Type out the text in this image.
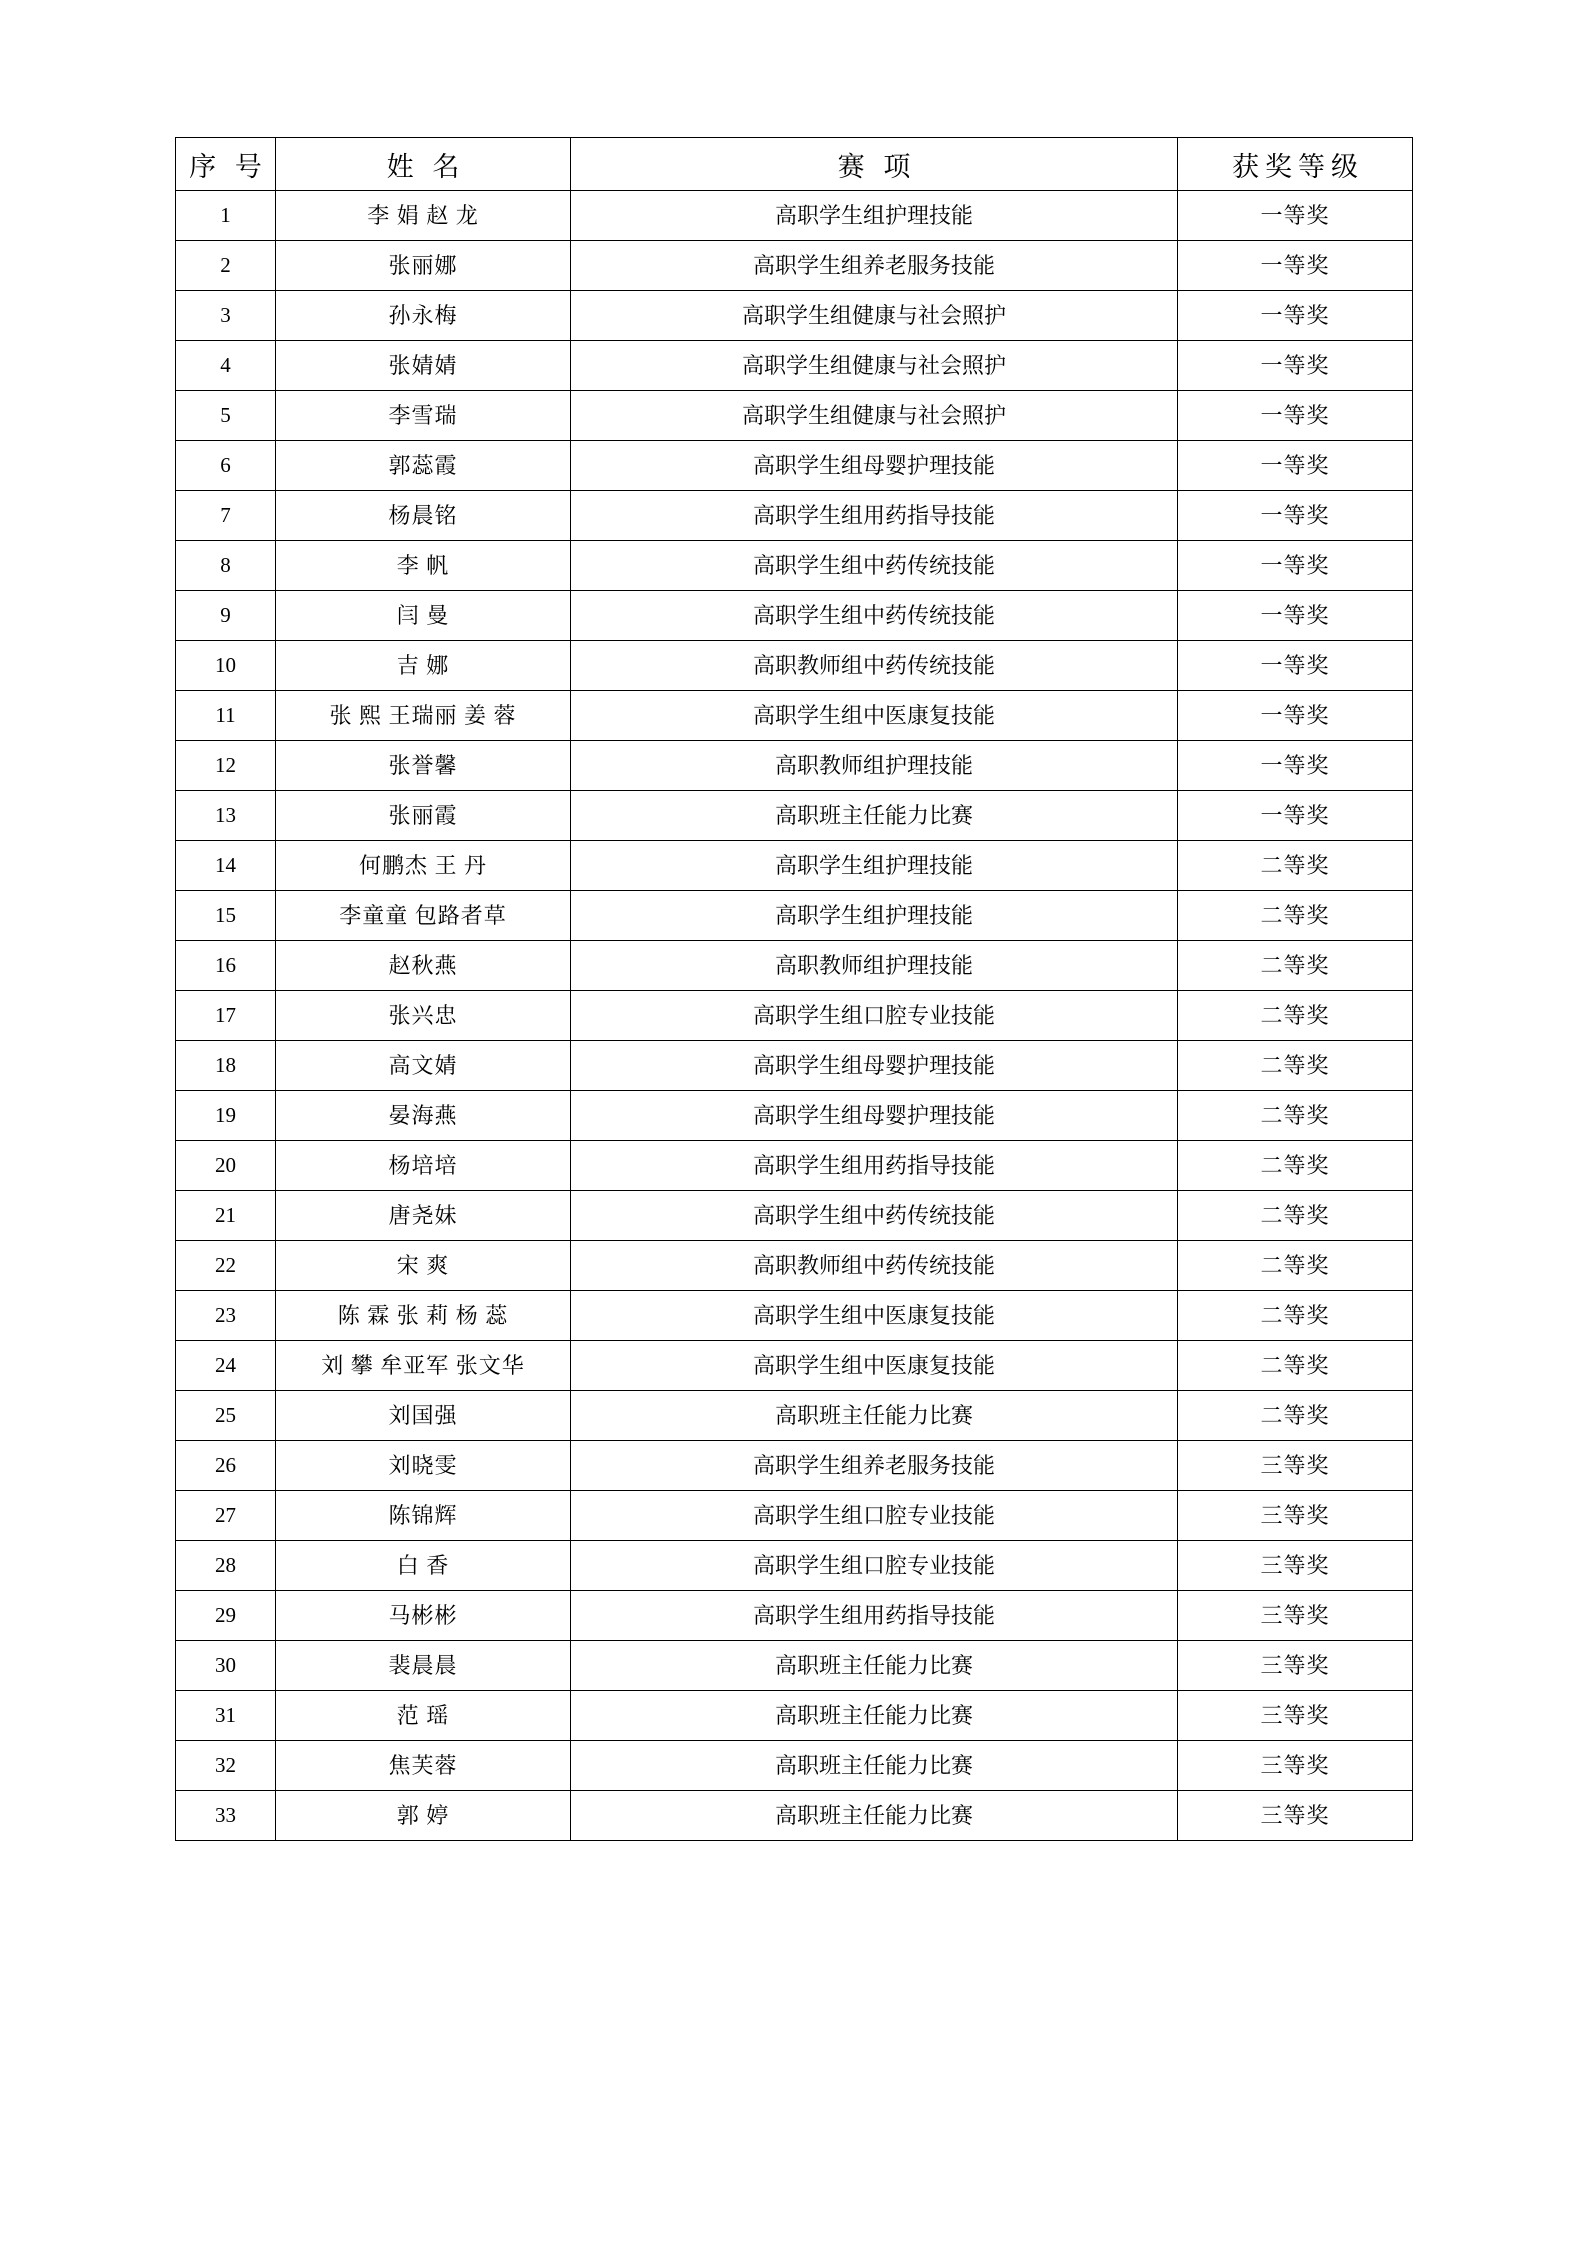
序 号	姓 名	赛 项	获奖等级
1	李 娟 赵 龙	高职学生组护理技能	一等奖
2	张丽娜	高职学生组养老服务技能	一等奖
3	孙永梅	高职学生组健康与社会照护	一等奖
4	张婧婧	高职学生组健康与社会照护	一等奖
5	李雪瑞	高职学生组健康与社会照护	一等奖
6	郭蕊霞	高职学生组母婴护理技能	一等奖
7	杨晨铭	高职学生组用药指导技能	一等奖
8	李 帆	高职学生组中药传统技能	一等奖
9	闫 曼	高职学生组中药传统技能	一等奖
10	吉 娜	高职教师组中药传统技能	一等奖
11	张 熙 王瑞丽 姜 蓉	高职学生组中医康复技能	一等奖
12	张誉馨	高职教师组护理技能	一等奖
13	张丽霞	高职班主任能力比赛	一等奖
14	何鹏杰 王 丹	高职学生组护理技能	二等奖
15	李童童 包路者草	高职学生组护理技能	二等奖
16	赵秋燕	高职教师组护理技能	二等奖
17	张兴忠	高职学生组口腔专业技能	二等奖
18	高文婧	高职学生组母婴护理技能	二等奖
19	晏海燕	高职学生组母婴护理技能	二等奖
20	杨培培	高职学生组用药指导技能	二等奖
21	唐尧妹	高职学生组中药传统技能	二等奖
22	宋 爽	高职教师组中药传统技能	二等奖
23	陈 霖 张 莉 杨 蕊	高职学生组中医康复技能	二等奖
24	刘 攀 牟亚军 张文华	高职学生组中医康复技能	二等奖
25	刘国强	高职班主任能力比赛	二等奖
26	刘晓雯	高职学生组养老服务技能	三等奖
27	陈锦辉	高职学生组口腔专业技能	三等奖
28	白 香	高职学生组口腔专业技能	三等奖
29	马彬彬	高职学生组用药指导技能	三等奖
30	裴晨晨	高职班主任能力比赛	三等奖
31	范 瑶	高职班主任能力比赛	三等奖
32	焦芙蓉	高职班主任能力比赛	三等奖
33	郭 婷	高职班主任能力比赛	三等奖
